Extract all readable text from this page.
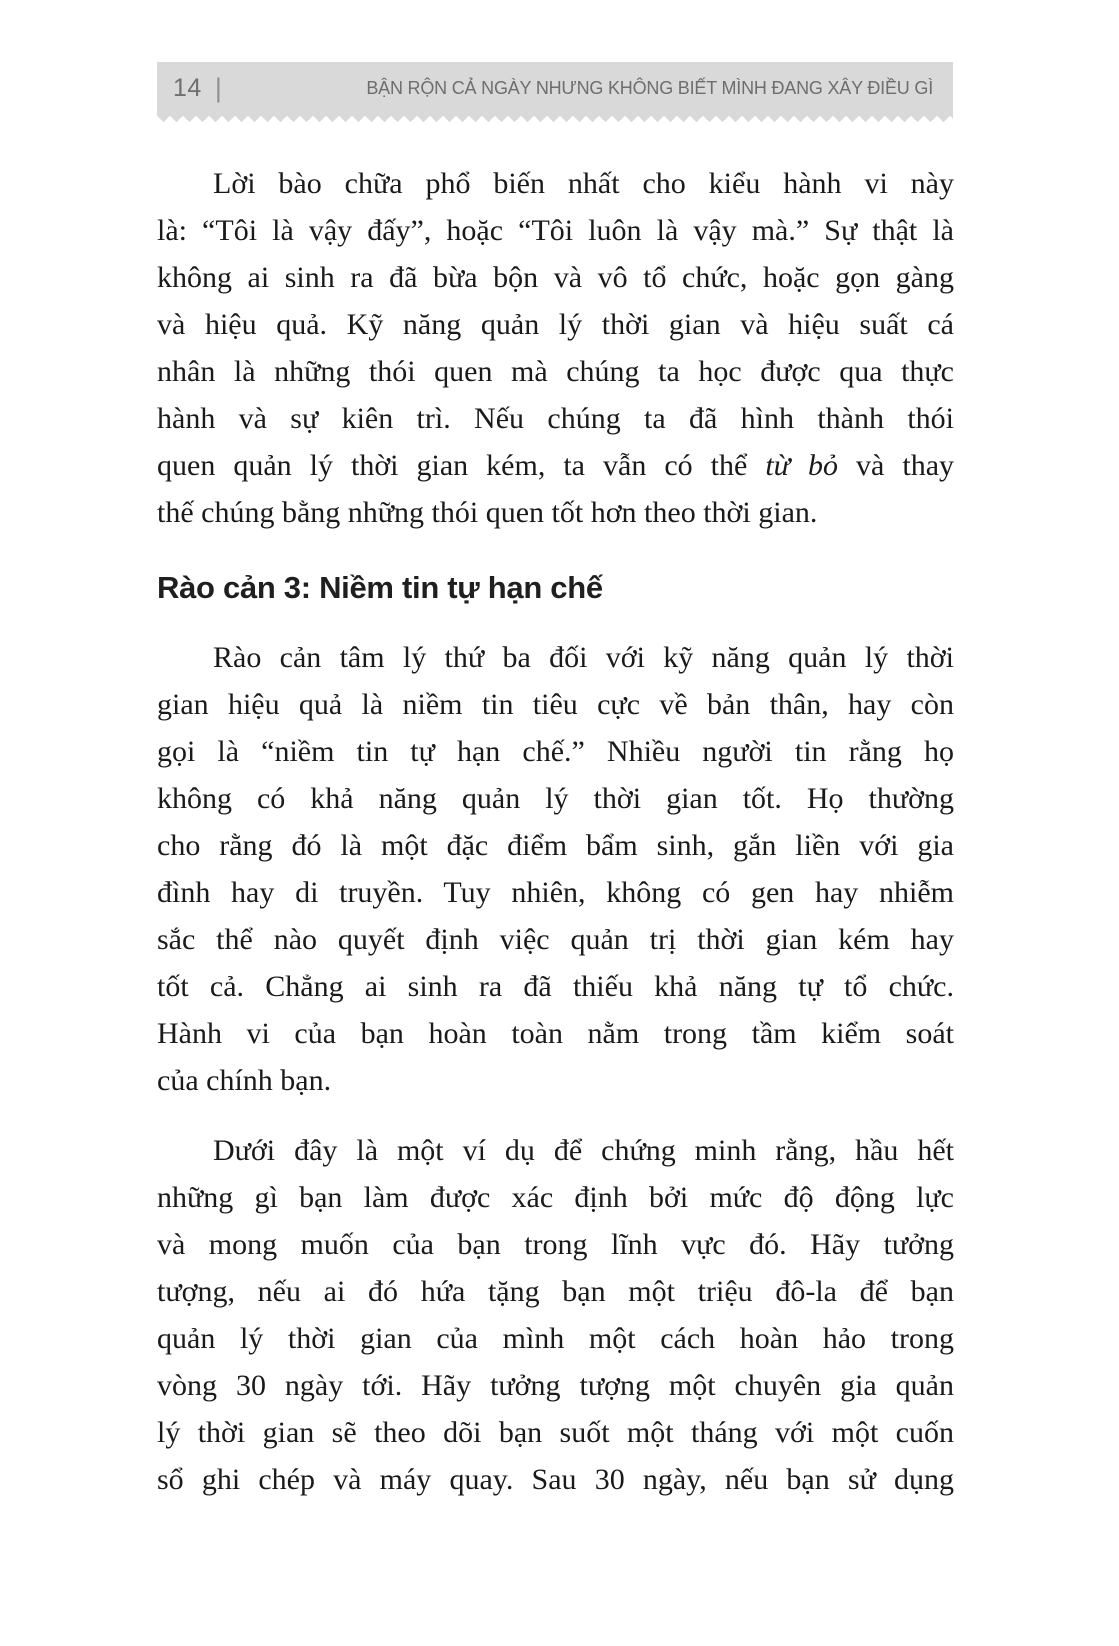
14 |	BẬN RỘN CẢ NGÀY NHƯNG KHÔNG BIẾT MÌNH ĐANG XÂY ĐIỀU GÌ
Lời bào chữa phổ biến nhất cho kiểu hành vi này
là: “Tôi là vậy đấy”, hoặc “Tôi luôn là vậy mà.” Sự thật là
không ai sinh ra đã bừa bộn và vô tổ chức, hoặc gọn gàng
và hiệu quả. Kỹ năng quản lý thời gian và hiệu suất cá
nhân là những thói quen mà chúng ta học được qua thực
hành và sự kiên trì. Nếu chúng ta đã hình thành thói
quen quản lý thời gian kém, ta vẫn có thể từ bỏ và thay
thế chúng bằng những thói quen tốt hơn theo thời gian.
Rào cản 3: Niềm tin tự hạn chế
Rào cản tâm lý thứ ba đối với kỹ năng quản lý thời
gian hiệu quả là niềm tin tiêu cực về bản thân, hay còn
gọi là “niềm tin tự hạn chế.” Nhiều người tin rằng họ
không có khả năng quản lý thời gian tốt. Họ thường
cho rằng đó là một đặc điểm bẩm sinh, gắn liền với gia
đình hay di truyền. Tuy nhiên, không có gen hay nhiễm
sắc thể nào quyết định việc quản trị thời gian kém hay
tốt cả. Chẳng ai sinh ra đã thiếu khả năng tự tổ chức.
Hành vi của bạn hoàn toàn nằm trong tầm kiểm soát
của chính bạn.
Dưới đây là một ví dụ để chứng minh rằng, hầu hết
những gì bạn làm được xác định bởi mức độ động lực
và mong muốn của bạn trong lĩnh vực đó. Hãy tưởng
tượng, nếu ai đó hứa tặng bạn một triệu đô-la để bạn
quản lý thời gian của mình một cách hoàn hảo trong
vòng 30 ngày tới. Hãy tưởng tượng một chuyên gia quản
lý thời gian sẽ theo dõi bạn suốt một tháng với một cuốn
sổ ghi chép và máy quay. Sau 30 ngày, nếu bạn sử dụng
